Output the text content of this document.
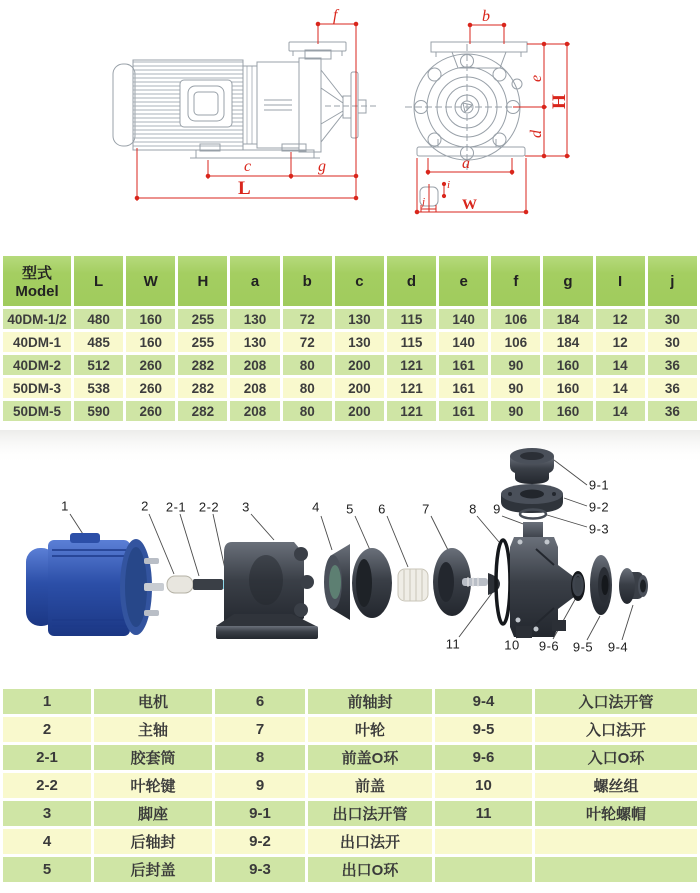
f
c	g
L
b
e
H
d
a
i
j W
型式Model	L	W	H	a	b	c	d	e	f	g	I	j
40DM-1/2	480	160	255	130	72	130	115	140	106	184	12	30
40DM-1	485	160	255	130	72	130	115	140	106	184	12	30
40DM-2	512	260	282	208	80	200	121	161	90	160	14	36
50DM-3	538	260	282	208	80	200	121	161	90	160	14	36
50DM-5	590	260	282	208	80	200	121	161	90	160	14	36
1	2 2-1 2-2 3	4 5 6	7	8 9
9-1
9-2
9-3
11	10 9-6 9-5 9-4
1	电机	6	前轴封	9-4	入口法开管
2	主轴	7	叶轮	9-5	入口法开
2-1	胶套筒	8	前盖O环	9-6	入口O环
2-2	叶轮键	9	前盖	10	螺丝组
3	脚座	9-1	出口法开管	11	叶轮螺帽
4	后轴封	9-2	出口法开		
5	后封盖	9-3	出口O环		
